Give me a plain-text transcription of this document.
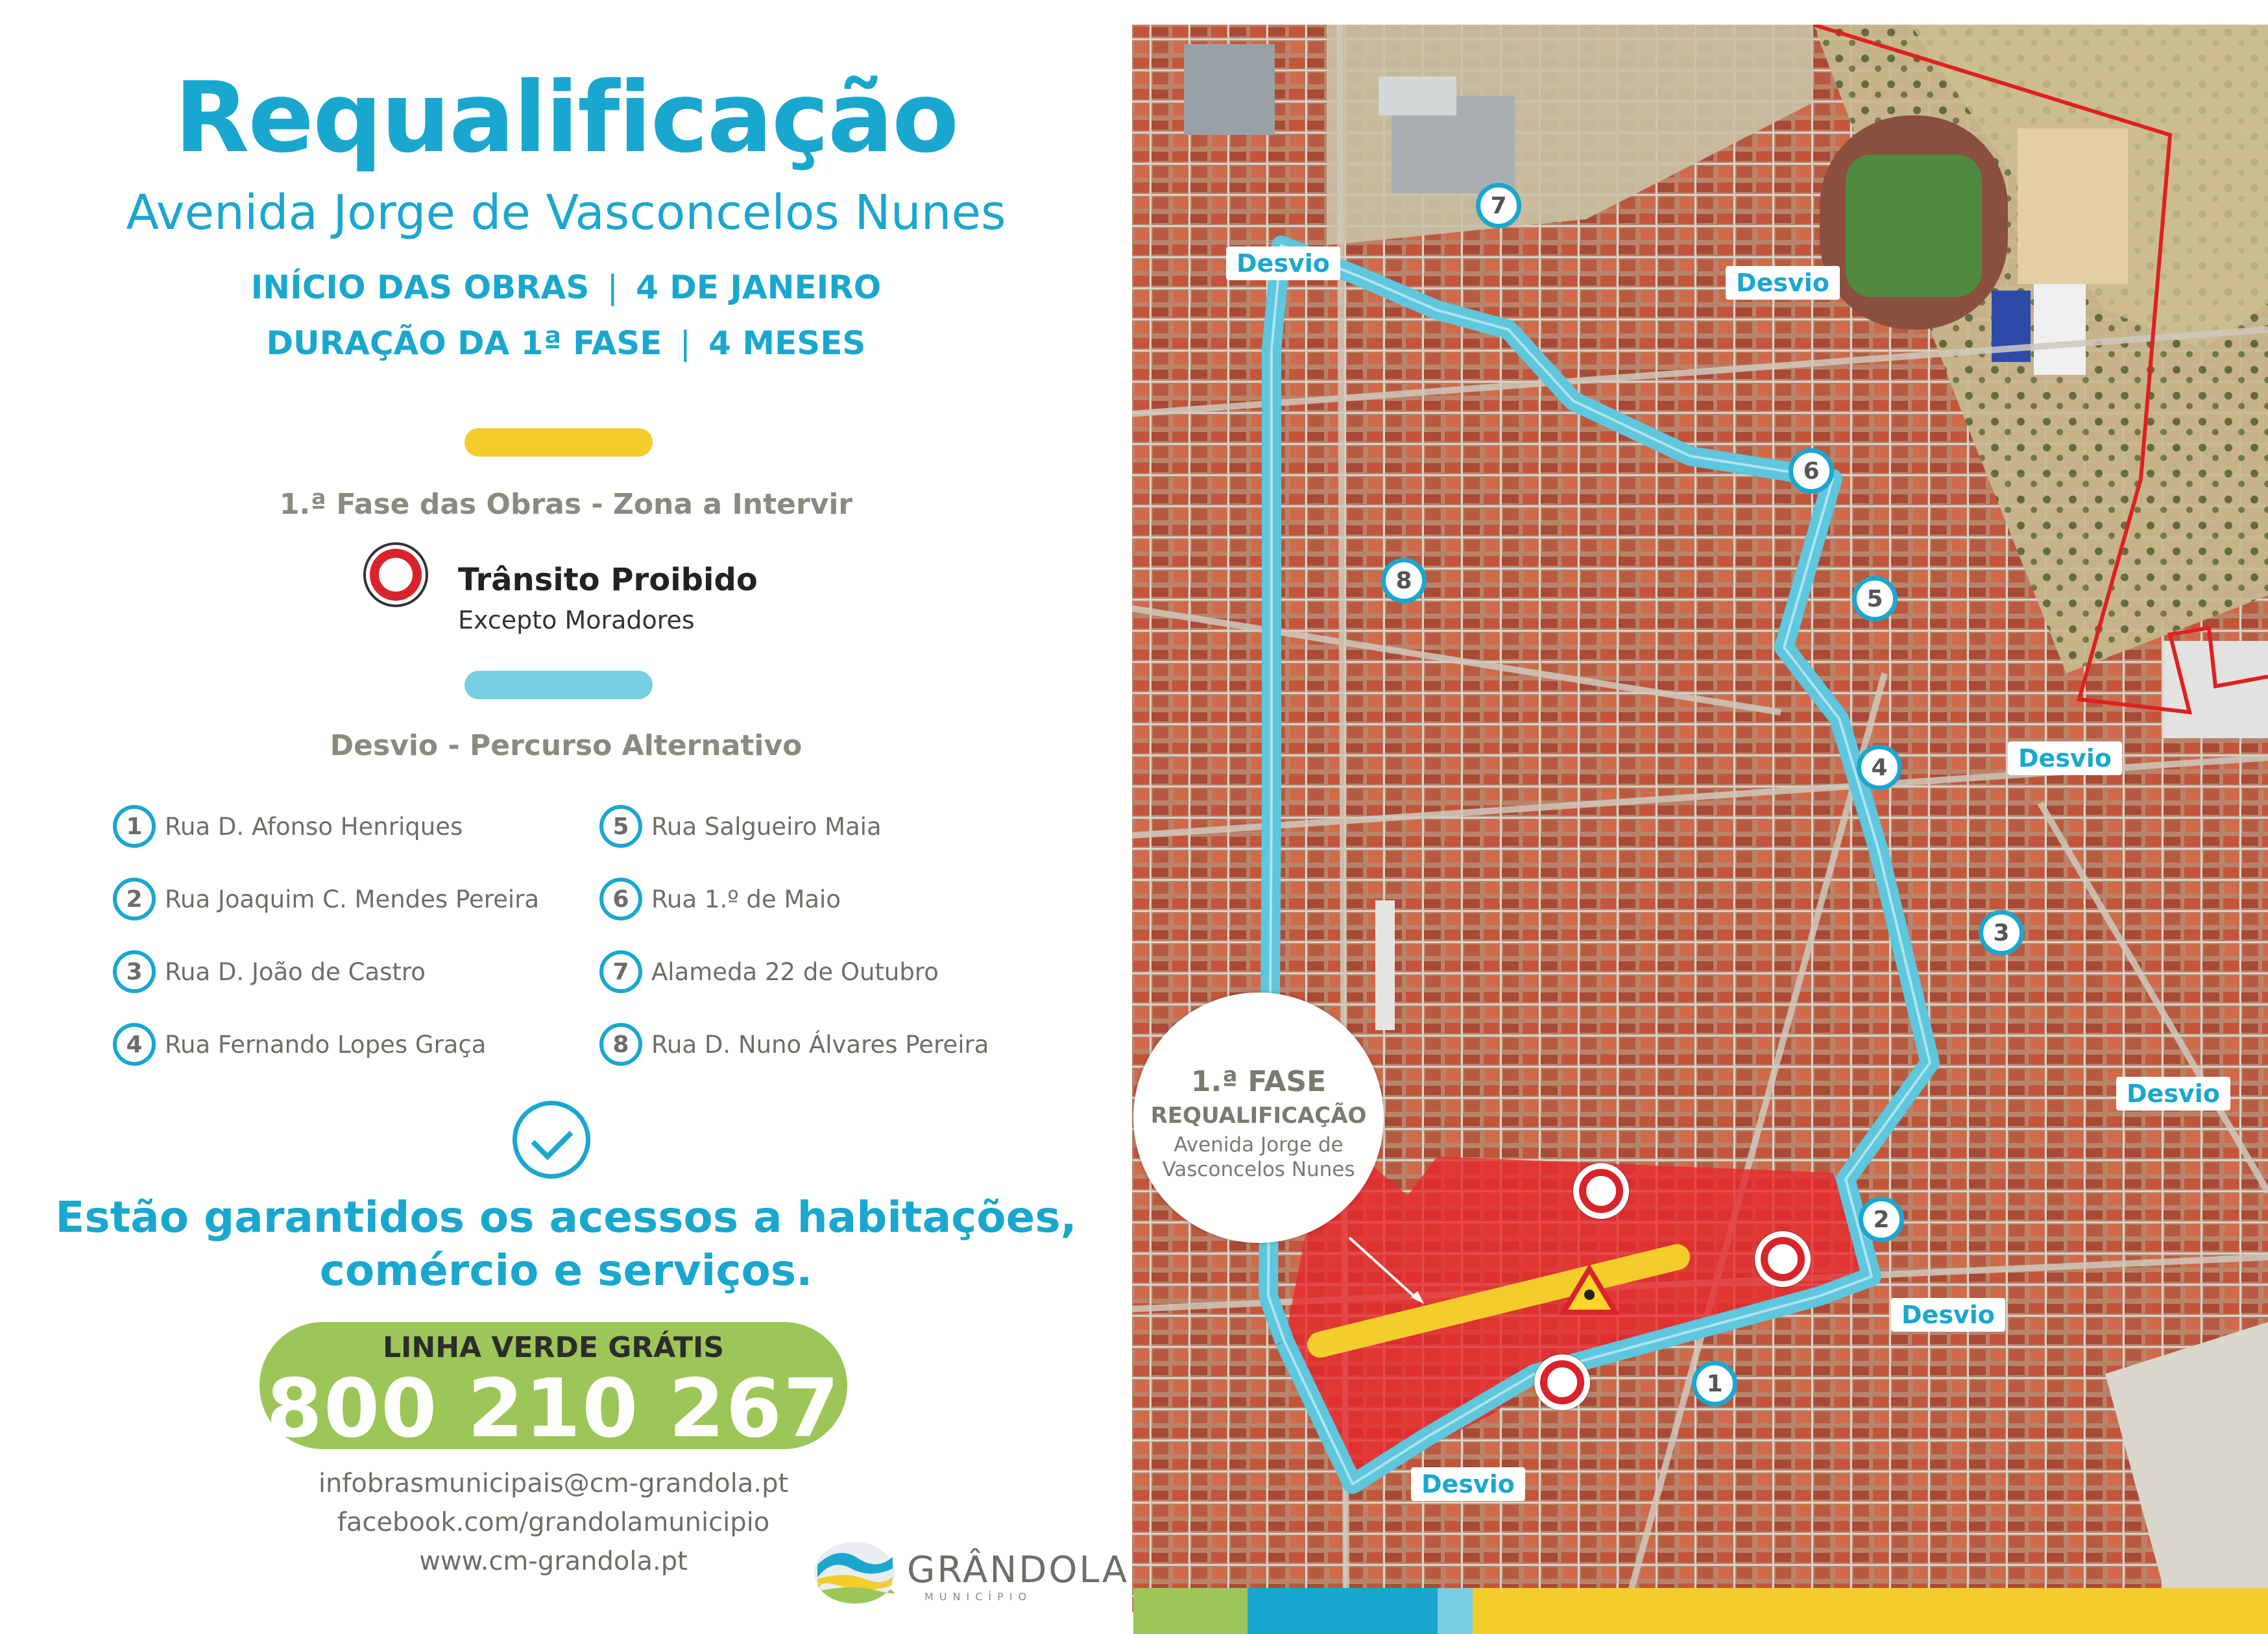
Requalificação
Avenida Jorge de Vasconcelos Nunes
INÍCIO DAS OBRAS | 4 DE JANEIRO
DURAÇÃO DA 1ª FASE | 4 MESES
1.ª Fase das Obras - Zona a Intervir
Trânsito Proibido
Excepto Moradores
Desvio - Percurso Alternativo
1 Rua D. Afonso Henriques
2 Rua Joaquim C. Mendes Pereira
3 Rua D. João de Castro
4 Rua Fernando Lopes Graça
5 Rua Salgueiro Maia
6 Rua 1.º de Maio
7 Alameda 22 de Outubro
8 Rua D. Nuno Álvares Pereira
Estão garantidos os acessos a habitações,
comércio e serviços.
LINHA VERDE GRÁTIS
800 210 267
infobrasmunicipais@cm-grandola.pt
facebook.com/grandolamunicipio
www.cm-grandola.pt	GRÂNDOLA
MUNICÍPIO
1.ª FASE
REQUALIFICAÇÃO
Avenida Jorge de
Vasconcelos Nunes
Desvio
Desvio
Desvio
Desvio
Desvio
Desvio
1
2
3
4
5
6
7
8
